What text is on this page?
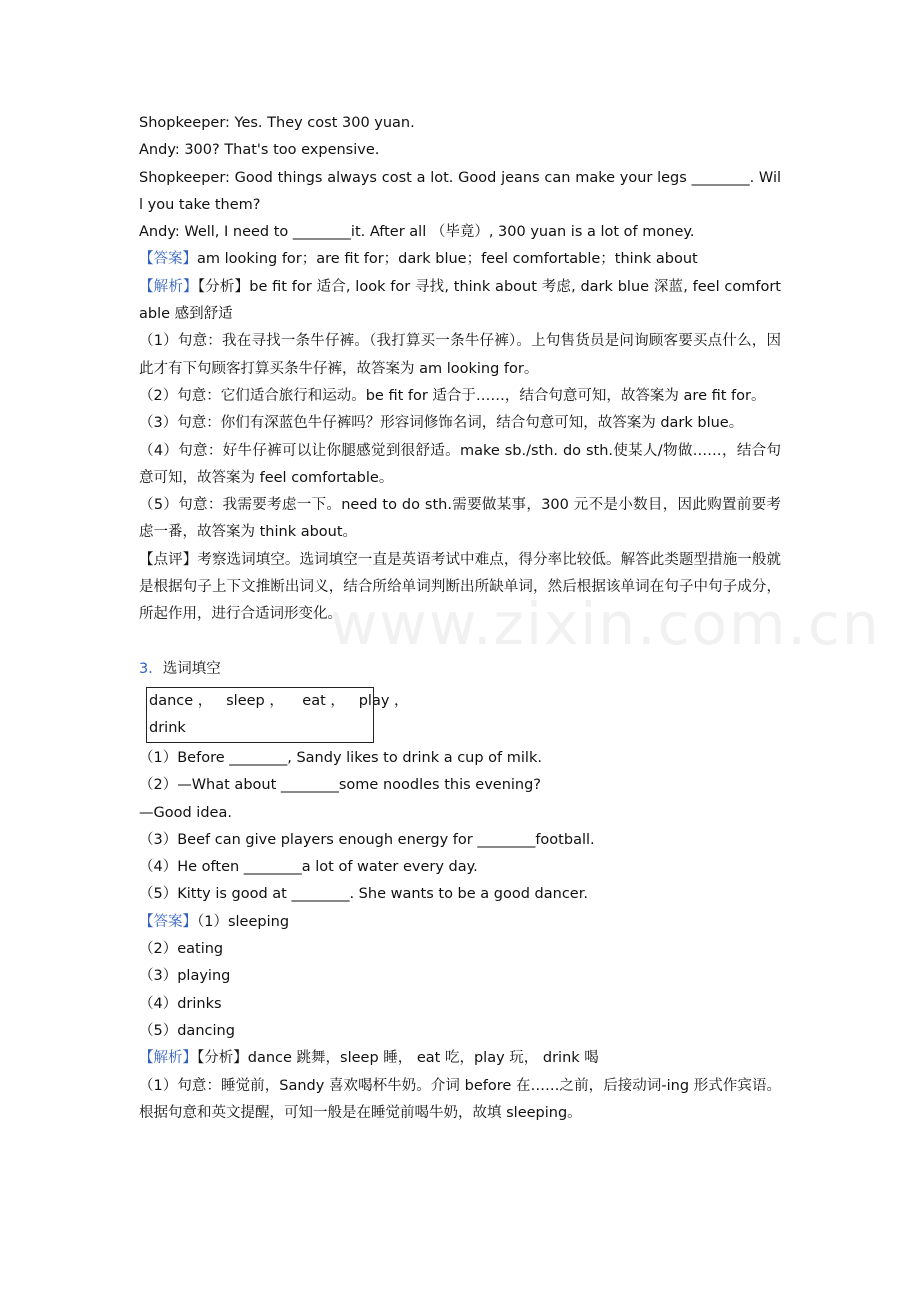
www.zixin.com.cn
Shopkeeper: Yes. They cost 300 yuan.
Andy: 300? That's too expensive.
Shopkeeper: Good things always cost a lot. Good jeans can make your legs ________. Will you take them?
Andy: Well, I need to ________it. After all （毕竟）, 300 yuan is a lot of money.
【答案】am looking for；are fit for；dark blue；feel comfortable；think about
【解析】【分析】be fit for 适合, look for 寻找, think about 考虑, dark blue 深蓝, feel comfortable 感到舒适
（1）句意：我在寻找一条牛仔裤。（我打算买一条牛仔裤）。上句售货员是问询顾客要买点什么，因此才有下句顾客打算买条牛仔裤，故答案为 am looking for。
（2）句意：它们适合旅行和运动。be fit for 适合于……，结合句意可知，故答案为 are fit for。
（3）句意：你们有深蓝色牛仔裤吗？形容词修饰名词，结合句意可知，故答案为 dark blue。
（4）句意：好牛仔裤可以让你腿感觉到很舒适。make sb./sth. do sth.使某人/物做……，结合句意可知，故答案为 feel comfortable。
（5）句意：我需要考虑一下。need to do sth.需要做某事，300 元不是小数目，因此购置前要考虑一番，故答案为 think about。
【点评】考察选词填空。选词填空一直是英语考试中难点，得分率比较低。解答此类题型措施一般就是根据句子上下文推断出词义，结合所给单词判断出所缺单词，然后根据该单词在句子中句子成分，所起作用，进行合适词形变化。
3．选词填空
dance ，   sleep ，    eat ，   play ，
drink
（1）Before ________, Sandy likes to drink a cup of milk.
（2）—What about ________some noodles this evening?
—Good idea.
（3）Beef can give players enough energy for ________football.
（4）He often ________a lot of water every day.
（5）Kitty is good at ________. She wants to be a good dancer.
【答案】（1）sleeping
（2）eating
（3）playing
（4）drinks
（5）dancing
【解析】【分析】dance 跳舞，sleep 睡， eat 吃，play 玩， drink 喝
（1）句意：睡觉前，Sandy 喜欢喝杯牛奶。介词 before 在……之前，后接动词-ing 形式作宾语。根据句意和英文提醒，可知一般是在睡觉前喝牛奶，故填 sleeping。
